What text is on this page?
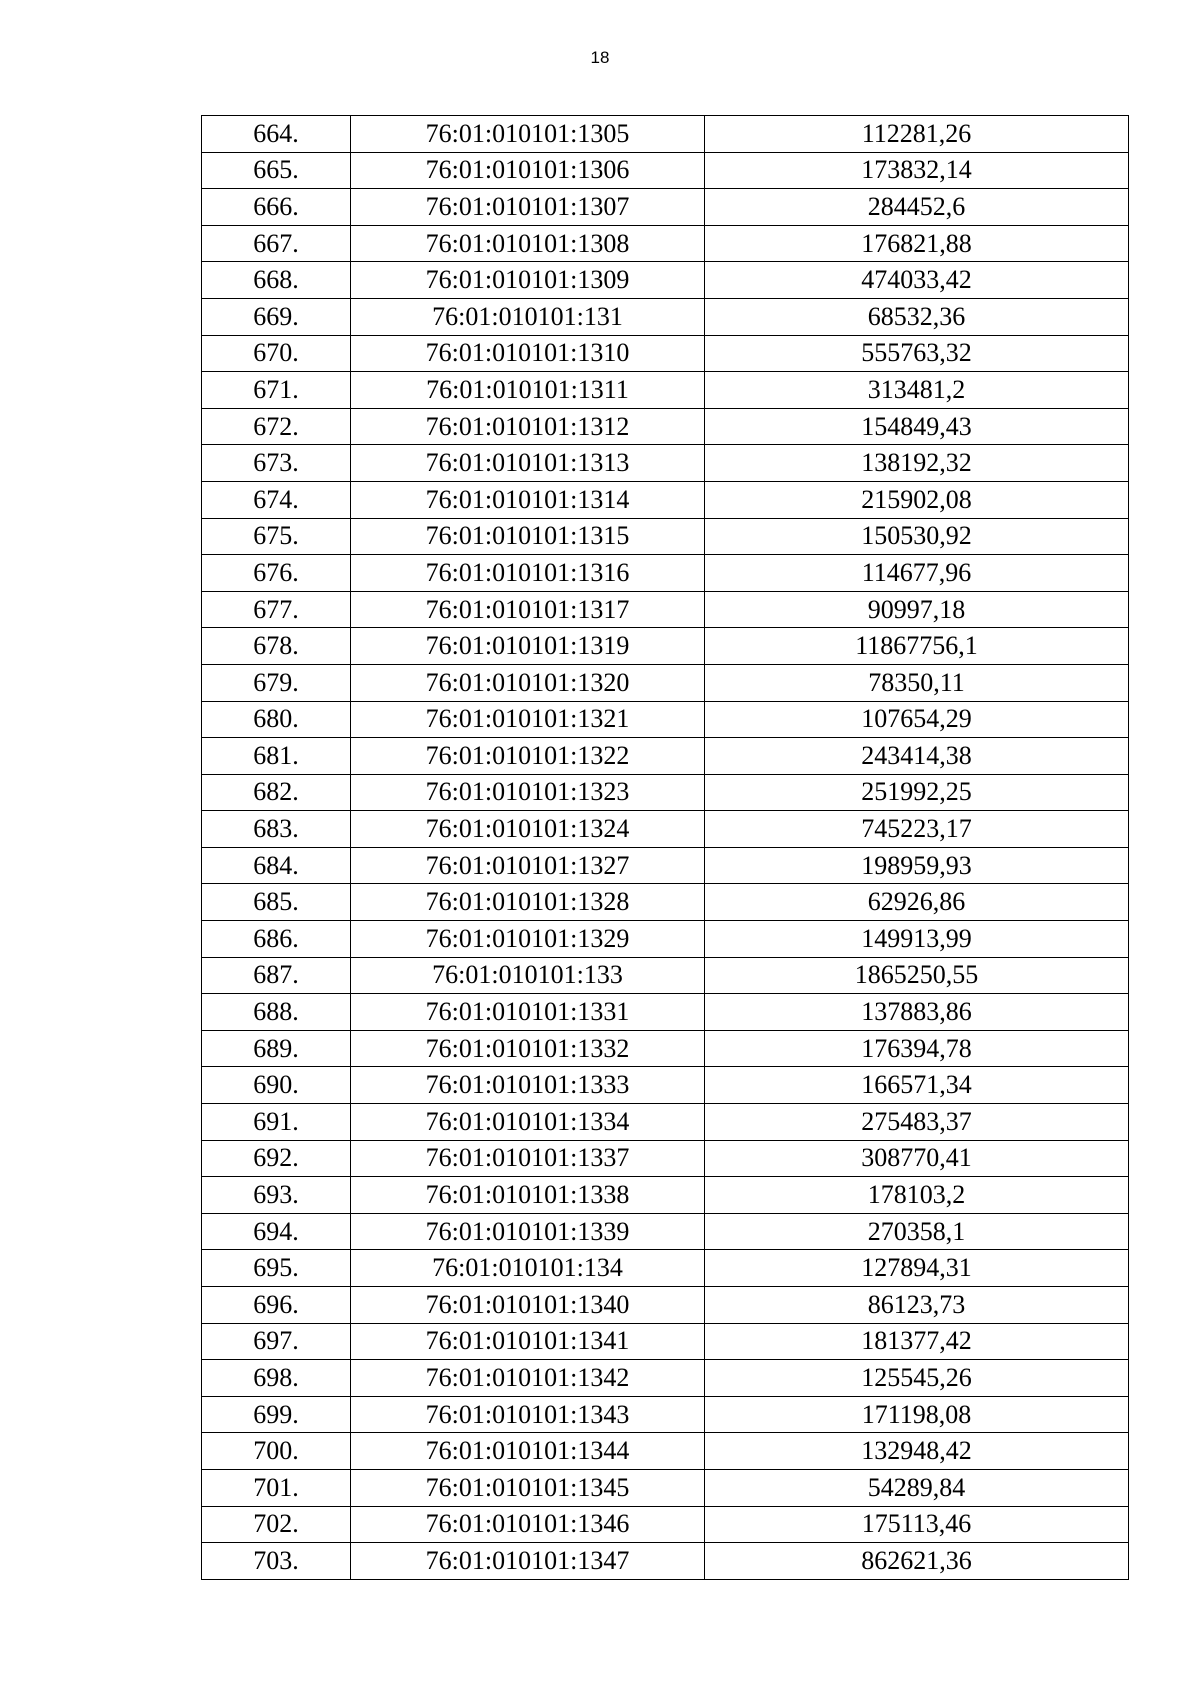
18
664.	76:01:010101:1305	112281,26
665.	76:01:010101:1306	173832,14
666.	76:01:010101:1307	284452,6
667.	76:01:010101:1308	176821,88
668.	76:01:010101:1309	474033,42
669.	76:01:010101:131	68532,36
670.	76:01:010101:1310	555763,32
671.	76:01:010101:1311	313481,2
672.	76:01:010101:1312	154849,43
673.	76:01:010101:1313	138192,32
674.	76:01:010101:1314	215902,08
675.	76:01:010101:1315	150530,92
676.	76:01:010101:1316	114677,96
677.	76:01:010101:1317	90997,18
678.	76:01:010101:1319	11867756,1
679.	76:01:010101:1320	78350,11
680.	76:01:010101:1321	107654,29
681.	76:01:010101:1322	243414,38
682.	76:01:010101:1323	251992,25
683.	76:01:010101:1324	745223,17
684.	76:01:010101:1327	198959,93
685.	76:01:010101:1328	62926,86
686.	76:01:010101:1329	149913,99
687.	76:01:010101:133	1865250,55
688.	76:01:010101:1331	137883,86
689.	76:01:010101:1332	176394,78
690.	76:01:010101:1333	166571,34
691.	76:01:010101:1334	275483,37
692.	76:01:010101:1337	308770,41
693.	76:01:010101:1338	178103,2
694.	76:01:010101:1339	270358,1
695.	76:01:010101:134	127894,31
696.	76:01:010101:1340	86123,73
697.	76:01:010101:1341	181377,42
698.	76:01:010101:1342	125545,26
699.	76:01:010101:1343	171198,08
700.	76:01:010101:1344	132948,42
701.	76:01:010101:1345	54289,84
702.	76:01:010101:1346	175113,46
703.	76:01:010101:1347	862621,36
